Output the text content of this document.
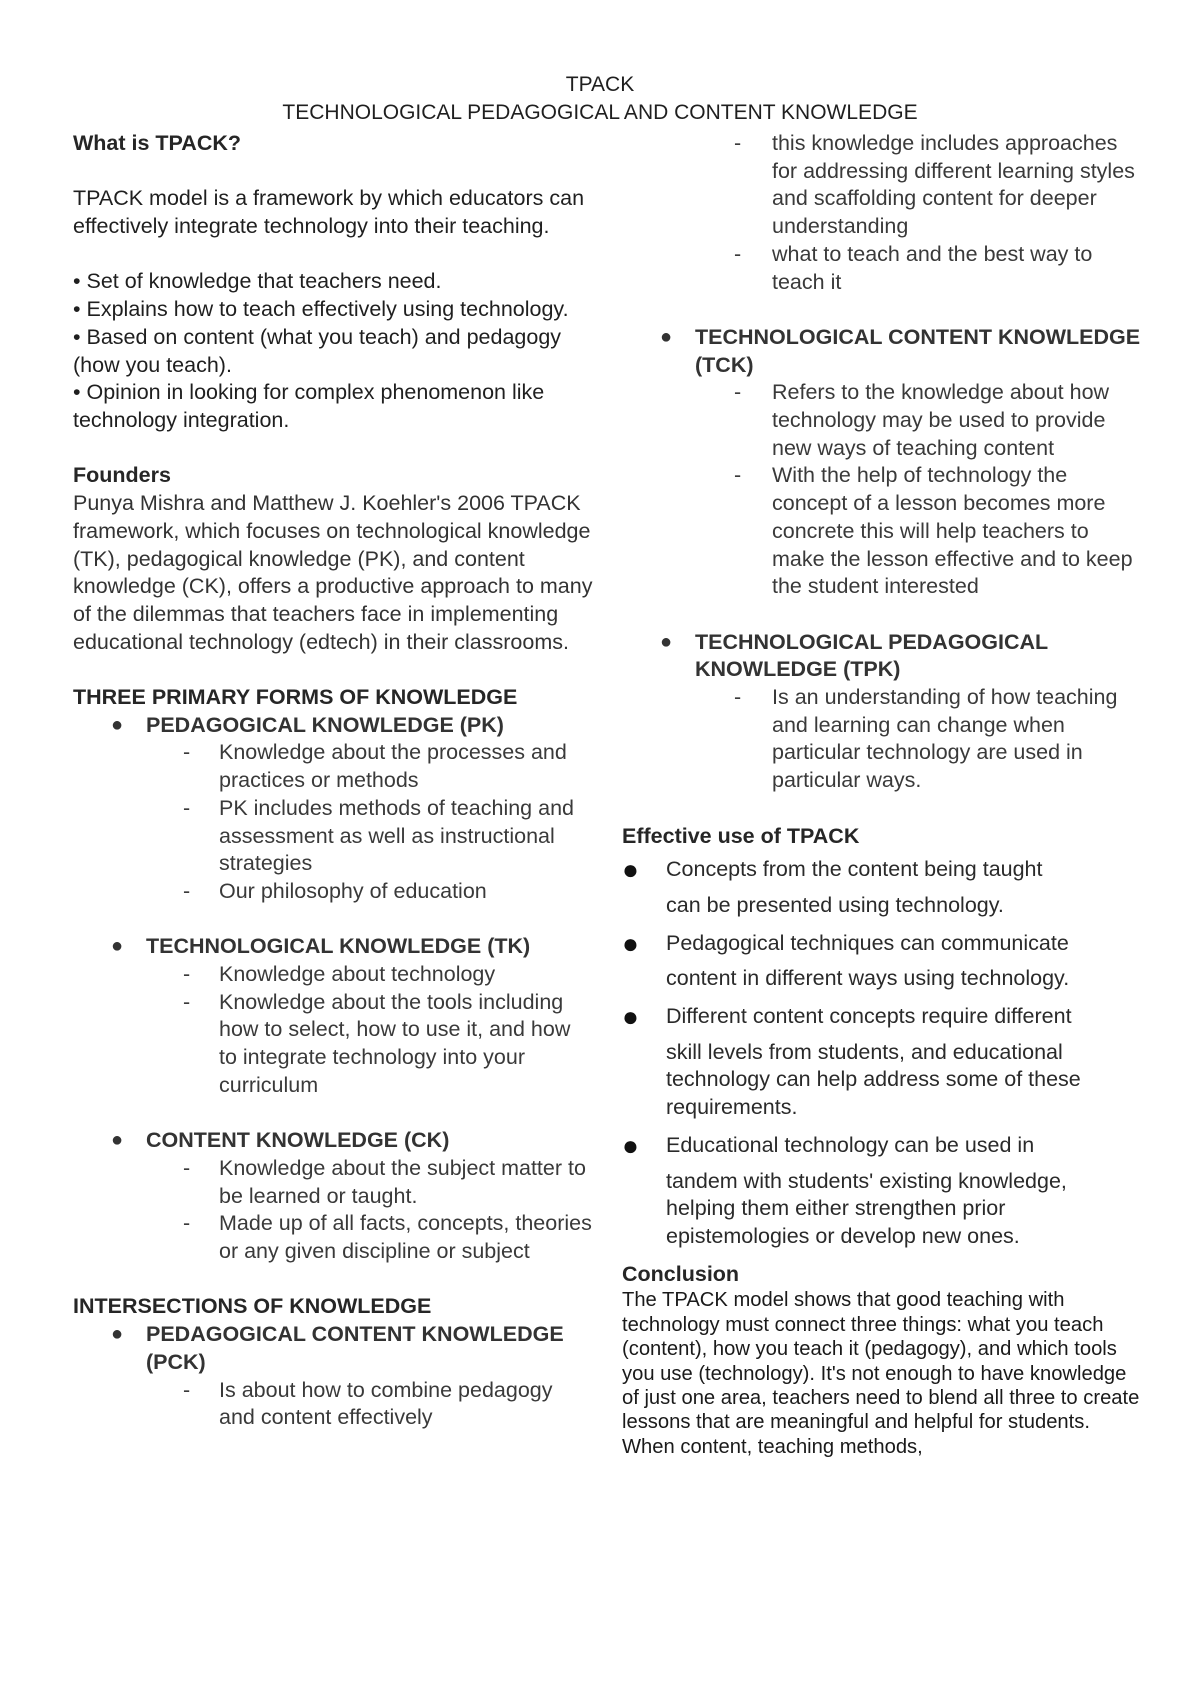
TPACK
TECHNOLOGICAL PEDAGOGICAL AND CONTENT KNOWLEDGE

What is TPACK?

TPACK model is a framework by which educators can effectively integrate technology into their teaching.

• Set of knowledge that teachers need.

• Explains how to teach effectively using technology.

• Based on content (what you teach) and pedagogy (how you teach).

• Opinion in looking for complex phenomenon like technology integration.

Founders

Punya Mishra and Matthew J. Koehler's 2006 TPACK framework, which focuses on technological knowledge (TK), pedagogical knowledge (PK), and content knowledge (CK), offers a productive approach to many of the dilemmas that teachers face in implementing educational technology (edtech) in their classrooms.

THREE PRIMARY FORMS OF KNOWLEDGE

● PEDAGOGICAL KNOWLEDGE (PK)
- Knowledge about the processes and practices or methods
- PK includes methods of teaching and assessment as well as instructional strategies
- Our philosophy of education
● TECHNOLOGICAL KNOWLEDGE (TK)
- Knowledge about technology
- Knowledge about the tools including how to select, how to use it, and how to integrate technology into your curriculum
● CONTENT KNOWLEDGE (CK)
- Knowledge about the subject matter to be learned or taught.
- Made up of all facts, concepts, theories or any given discipline or subject

INTERSECTIONS OF KNOWLEDGE

● PEDAGOGICAL CONTENT KNOWLEDGE (PCK)
- Is about how to combine pedagogy and content effectively
- this knowledge includes approaches for addressing different learning styles and scaffolding content for deeper understanding
- what to teach and the best way to teach it
● TECHNOLOGICAL CONTENT KNOWLEDGE (TCK)
- Refers to the knowledge about how technology may be used to provide new ways of teaching content
- With the help of technology the concept of a lesson becomes more concrete this will help teachers to make the lesson effective and to keep the student interested
● TECHNOLOGICAL PEDAGOGICAL KNOWLEDGE (TPK)
- Is an understanding of how teaching and learning can change when particular technology are used in particular ways.

Effective use of TPACK

● Concepts from the content being taught
can be presented using technology.
● Pedagogical techniques can communicate
content in different ways using technology.
● Different content concepts require different
skill levels from students, and educational technology can help address some of these requirements.
● Educational technology can be used in
tandem with students' existing knowledge, helping them either strengthen prior epistemologies or develop new ones.

Conclusion

The TPACK model shows that good teaching with technology must connect three things: what you teach (content), how you teach it (pedagogy), and which tools you use (technology). It's not enough to have knowledge of just one area, teachers need to blend all three to create lessons that are meaningful and helpful for students. When content, teaching methods,
